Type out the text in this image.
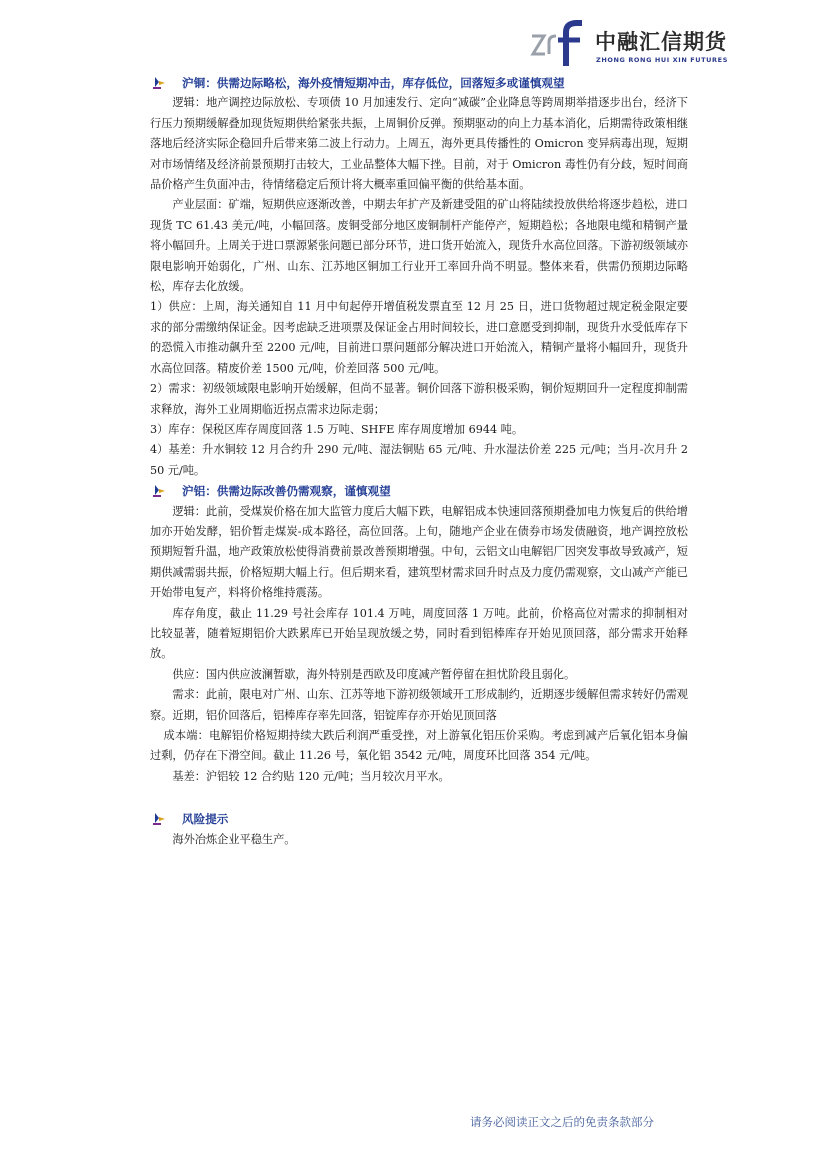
中融汇信期货
ZHONG RONG HUI XIN FUTURES
沪铜：供需边际略松，海外疫情短期冲击，库存低位，回落短多或谨慎观望
逻辑：地产调控边际放松、专项债 10 月加速发行、定向“减碳”企业降息等跨周期举措逐步出台，经济下行压力预期缓解叠加现货短期供给紧张共振，上周铜价反弹。预期驱动的向上力基本消化，后期需待政策相继落地后经济实际企稳回升后带来第二波上行动力。上周五，海外更具传播性的 Omicron 变异病毒出现，短期对市场情绪及经济前景预期打击较大，工业品整体大幅下挫。目前，对于 Omicron 毒性仍有分歧，短时间商品价格产生负面冲击，待情绪稳定后预计将大概率重回偏平衡的供给基本面。
产业层面：矿端，短期供应逐渐改善，中期去年扩产及新建受阻的矿山将陆续投放供给将逐步趋松，进口现货 TC 61.43 美元/吨，小幅回落。废铜受部分地区废铜制杆产能停产，短期趋松；各地限电缆和精铜产量将小幅回升。上周关于进口票源紧张问题已部分环节，进口货开始流入，现货升水高位回落。下游初级领域亦限电影响开始弱化，广州、山东、江苏地区铜加工行业开工率回升尚不明显。整体来看，供需仍预期边际略松，库存去化放缓。
1）供应：上周，海关通知自 11 月中旬起停开增值税发票直至 12 月 25 日，进口货物超过规定税金限定要求的部分需缴纳保证金。因考虑缺乏进项票及保证金占用时间较长，进口意愿受到抑制，现货升水受低库存下的恐慌入市推动飙升至 2200 元/吨，目前进口票问题部分解决进口开始流入，精铜产量将小幅回升，现货升水高位回落。精废价差 1500 元/吨，价差回落 500 元/吨。
2）需求：初级领域限电影响开始缓解，但尚不显著。铜价回落下游积极采购，铜价短期回升一定程度抑制需求释放，海外工业周期临近拐点需求边际走弱；
3）库存：保税区库存周度回落 1.5 万吨、SHFE 库存周度增加 6944 吨。
4）基差：升水铜较 12 月合约升 290 元/吨、湿法铜贴 65 元/吨、升水湿法价差 225 元/吨；当月-次月升 250 元/吨。
沪铝：供需边际改善仍需观察，谨慎观望
逻辑：此前，受煤炭价格在加大监管力度后大幅下跌，电解铝成本快速回落预期叠加电力恢复后的供给增加亦开始发酵，铝价暂走煤炭-成本路径，高位回落。上旬，随地产企业在债券市场发债融资，地产调控放松预期短暂升温，地产政策放松使得消费前景改善预期增强。中旬，云铝文山电解铝厂因突发事故导致减产，短期供减需弱共振，价格短期大幅上行。但后期来看，建筑型材需求回升时点及力度仍需观察，文山减产产能已开始带电复产，料将价格维持震荡。
库存角度，截止 11.29 号社会库存 101.4 万吨，周度回落 1 万吨。此前，价格高位对需求的抑制相对比较显著，随着短期铝价大跌累库已开始呈现放缓之势，同时看到铝棒库存开始见顶回落，部分需求开始释放。
供应：国内供应波澜暂歇，海外特别是西欧及印度减产暂停留在担忧阶段且弱化。
需求：此前，限电对广州、山东、江苏等地下游初级领域开工形成制约，近期逐步缓解但需求转好仍需观察。近期，铝价回落后，铝棒库存率先回落，铝锭库存亦开始见顶回落
成本端：电解铝价格短期持续大跌后利润严重受挫，对上游氧化铝压价采购。考虑到减产后氧化铝本身偏过剩，仍存在下滑空间。截止 11.26 号，氧化铝 3542 元/吨，周度环比回落 354 元/吨。
基差：沪铝较 12 合约贴 120 元/吨；当月较次月平水。
风险提示
海外冶炼企业平稳生产。
请务必阅读正文之后的免责条款部分
